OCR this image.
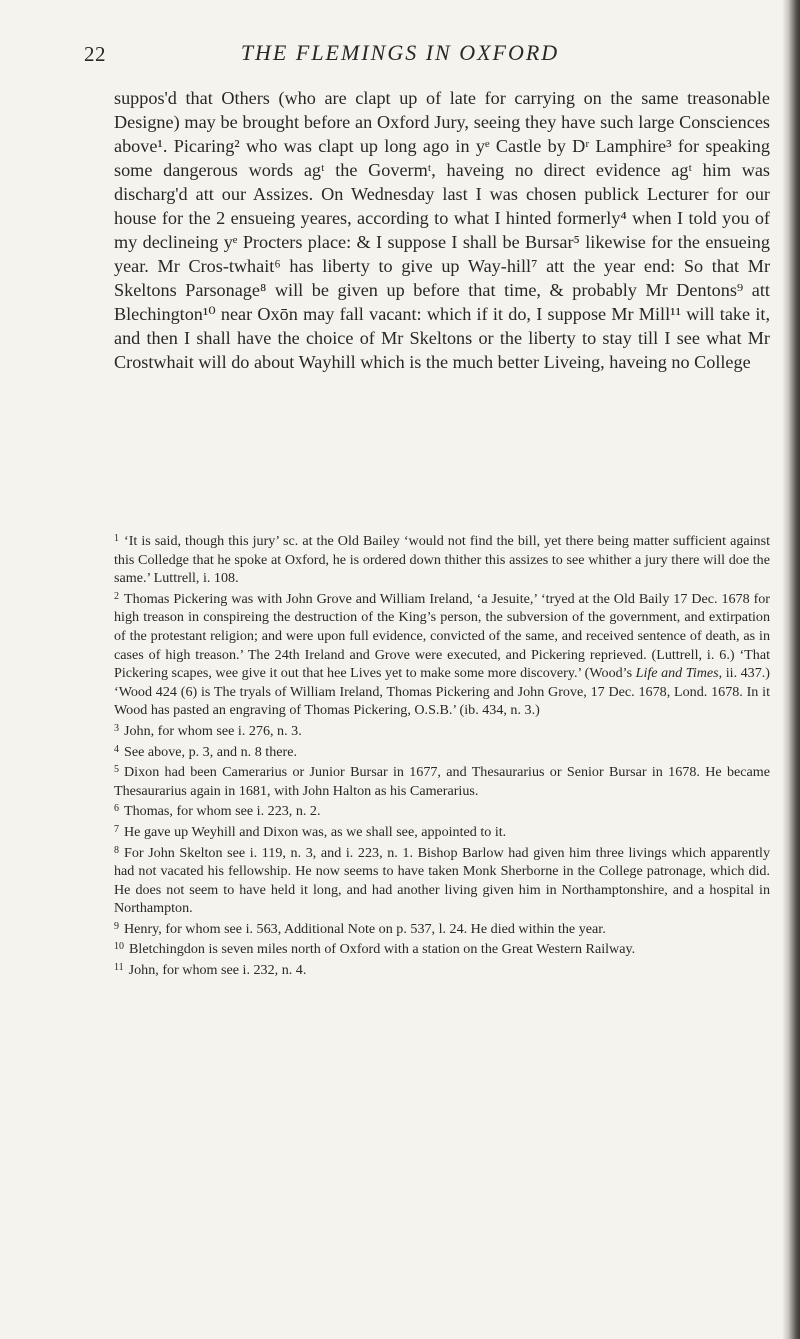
22	THE FLEMINGS IN OXFORD

suppos'd that Others (who are clapt up of late for carrying on the same treasonable Designe) may be brought before an Oxford Jury, seeing they have such large Consciences above¹. Picaring² who was clapt up long ago in yᵉ Castle by Dʳ Lamphire³ for speaking some dangerous words agᵗ the Govermᵗ, haveing no direct evidence agᵗ him was discharg'd att our Assizes. On Wednesday last I was chosen publick Lecturer for our house for the 2 ensueing yeares, according to what I hinted formerly⁴ when I told you of my declineing yᵉ Procters place: & I suppose I shall be Bursar⁵ likewise for the ensueing year. Mr Cros-twhait⁶ has liberty to give up Way-hill⁷ att the year end: So that Mr Skeltons Parsonage⁸ will be given up before that time, & probably Mr Dentons⁹ att Blechington¹⁰ near Oxōn may fall vacant: which if it do, I suppose Mr Mill¹¹ will take it, and then I shall have the choice of Mr Skeltons or the liberty to stay till I see what Mr Crostwhait will do about Wayhill which is the much better Liveing, haveing no College

$^1$ ‘It is said, though this jury’ sc. at the Old Bailey ‘would not find the bill, yet there being matter sufficient against this Colledge that he spoke at Oxford, he is ordered down thither this assizes to see whither a jury there will doe the same.’ Luttrell, i. 108.

$^2$ Thomas Pickering was with John Grove and William Ireland, ‘a Jesuite,’ ‘tryed at the Old Baily 17 Dec. 1678 for high treason in conspireing the destruction of the King’s person, the subversion of the government, and extirpation of the protestant religion; and were upon full evidence, convicted of the same, and received sentence of death, as in cases of high treason.’ The 24th Ireland and Grove were executed, and Pickering reprieved. (Luttrell, i. 6.) ‘That Pickering scapes, wee give it out that hee Lives yet to make some more discovery.’ (Wood’s Life and Times, ii. 437.) ‘Wood 424 (6) is The tryals of William Ireland, Thomas Pickering and John Grove, 17 Dec. 1678, Lond. 1678. In it Wood has pasted an engraving of Thomas Pickering, O.S.B.’ (ib. 434, n. 3.)

$^3$ John, for whom see i. 276, n. 3.

$^4$ See above, p. 3, and n. 8 there.

$^5$ Dixon had been Camerarius or Junior Bursar in 1677, and Thesaurarius or Senior Bursar in 1678. He became Thesaurarius again in 1681, with John Halton as his Camerarius.

$^6$ Thomas, for whom see i. 223, n. 2.

$^7$ He gave up Weyhill and Dixon was, as we shall see, appointed to it.

$^8$ For John Skelton see i. 119, n. 3, and i. 223, n. 1. Bishop Barlow had given him three livings which apparently had not vacated his fellowship. He now seems to have taken Monk Sherborne in the College patronage, which did. He does not seem to have held it long, and had another living given him in Northamptonshire, and a hospital in Northampton.

$^9$ Henry, for whom see i. 563, Additional Note on p. 537, l. 24. He died within the year.

$^{10}$ Bletchingdon is seven miles north of Oxford with a station on the Great Western Railway.

$^{11}$ John, for whom see i. 232, n. 4.
